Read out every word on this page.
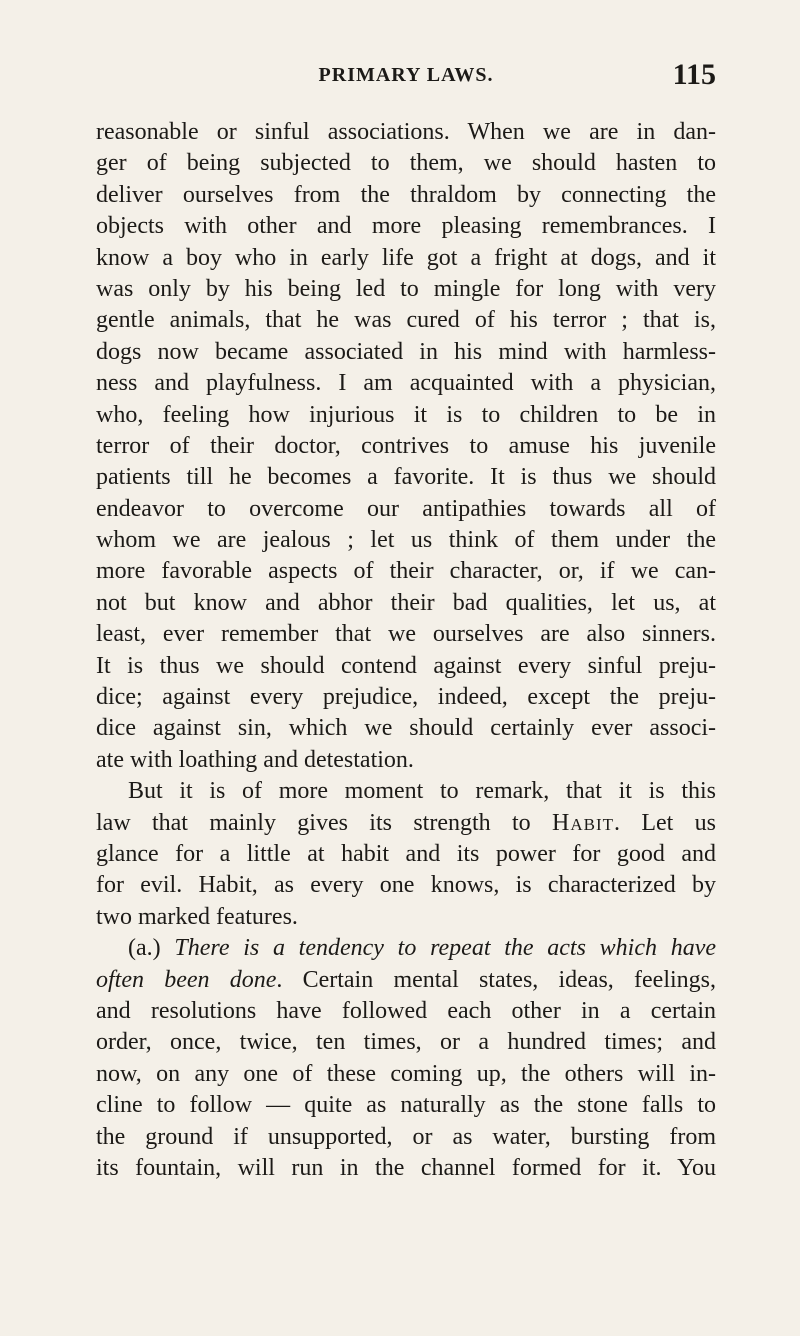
PRIMARY LAWS.	115
reasonable or sinful associations. When we are in dan-
ger of being subjected to them, we should hasten to
deliver ourselves from the thraldom by connecting the
objects with other and more pleasing remembrances. I
know a boy who in early life got a fright at dogs, and it
was only by his being led to mingle for long with very
gentle animals, that he was cured of his terror ; that is,
dogs now became associated in his mind with harmless-
ness and playfulness. I am acquainted with a physician,
who, feeling how injurious it is to children to be in
terror of their doctor, contrives to amuse his juvenile
patients till he becomes a favorite. It is thus we should
endeavor to overcome our antipathies towards all of
whom we are jealous ; let us think of them under the
more favorable aspects of their character, or, if we can-
not but know and abhor their bad qualities, let us, at
least, ever remember that we ourselves are also sinners.
It is thus we should contend against every sinful preju-
dice; against every prejudice, indeed, except the preju-
dice against sin, which we should certainly ever associ-
ate with loathing and detestation.
But it is of more moment to remark, that it is this
law that mainly gives its strength to Habit. Let us
glance for a little at habit and its power for good and
for evil. Habit, as every one knows, is characterized by
two marked features.
(a.) There is a tendency to repeat the acts which have
often been done. Certain mental states, ideas, feelings,
and resolutions have followed each other in a certain
order, once, twice, ten times, or a hundred times; and
now, on any one of these coming up, the others will in-
cline to follow — quite as naturally as the stone falls to
the ground if unsupported, or as water, bursting from
its fountain, will run in the channel formed for it. You
